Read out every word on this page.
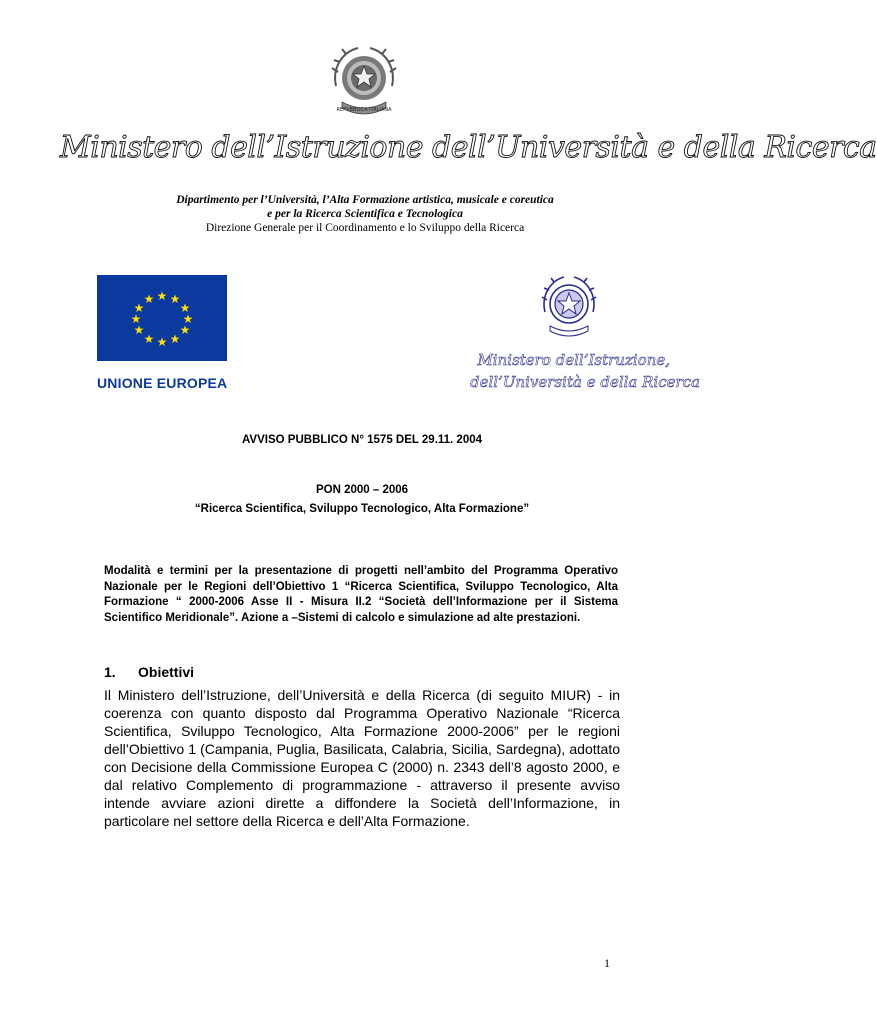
REPVBBLICA ITALIANA
Ministero dell’Istruzione dell’Università e della Ricerca
Dipartimento per l’Università, l’Alta Formazione artistica, musicale e coreutica
e per la Ricerca Scientifica e Tecnologica
Direzione Generale per il Coordinamento e lo Sviluppo della Ricerca
★ ★
★
★
★
★
★
★
★
★
★
★
UNIONE EUROPEA
Ministero dell’Istruzione,
dell’Università e della Ricerca
AVVISO PUBBLICO N° 1575 DEL 29.11. 2004
PON 2000 – 2006
“Ricerca Scientifica, Sviluppo Tecnologico, Alta Formazione”
Modalità e termini per la presentazione di progetti nell’ambito del Programma Operativo Nazionale per le Regioni dell’Obiettivo 1 “Ricerca Scientifica, Sviluppo Tecnologico, Alta Formazione “ 2000-2006 Asse II - Misura II.2 “Società dell’Informazione per il Sistema Scientifico Meridionale”. Azione a –Sistemi di calcolo e simulazione ad alte prestazioni.
1. Obiettivi
Il Ministero dell’Istruzione, dell’Università e della Ricerca (di seguito MIUR) - in coerenza con quanto disposto dal Programma Operativo Nazionale “Ricerca Scientifica, Sviluppo Tecnologico, Alta Formazione 2000-2006” per le regioni dell’Obiettivo 1 (Campania, Puglia, Basilicata, Calabria, Sicilia, Sardegna), adottato con Decisione della Commissione Europea C (2000) n. 2343 dell’8 agosto 2000, e dal relativo Complemento di programmazione - attraverso il presente avviso intende avviare azioni dirette a diffondere la Società dell’Informazione, in particolare nel settore della Ricerca e dell’Alta Formazione.
1
